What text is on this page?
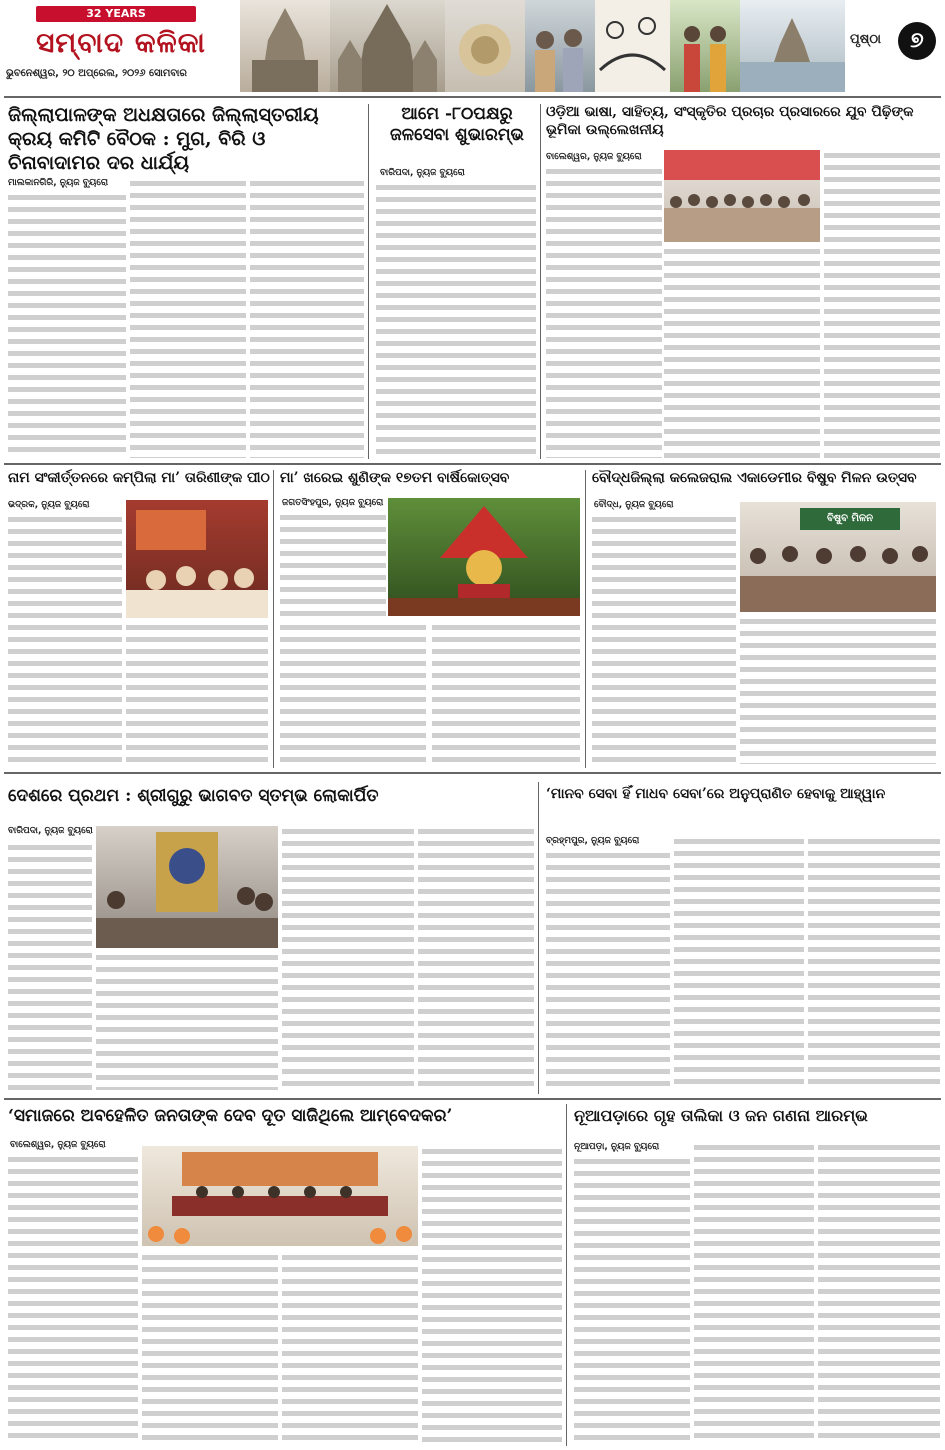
32 YEARS
ସମ୍ବାଦ କଳିକା
ଭୁବନେଶ୍ୱର, ୨୦ ଅପ୍ରେଲ, ୨୦୨୬ ସୋମବାର
ପୃଷ୍ଠା	୭
ଜିଲ୍ଲାପାଳଙ୍କ ଅଧକ୍ଷତାରେ ଜିଲ୍ଲାସ୍ତରୀୟ କ୍ରୟ କମିଟି ବୈଠକ : ମୁଗ, ବିରି ଓ ଚିନାବାଦାମର ଦର ଧାର୍ଯ୍ୟ
ମାଲକାନଗିରି, ନ୍ୟୁଜ ବ୍ୟୁରୋ
ଆମେ -୮୦ପକ୍ଷରୁ ଜଳସେବା ଶୁଭାରମ୍ଭ
ବାରିପଦା, ନ୍ୟୁଜ ବ୍ୟୁରୋ
ଓଡ଼ିଆ ଭାଷା, ସାହିତ୍ୟ, ସଂସ୍କୃତିର ପ୍ରଚାର ପ୍ରସାରରେ ଯୁବ ପିଢ଼ିଙ୍କ ଭୂମିକା ଉଲ୍ଲେଖନୀୟ
ବାଲେଶ୍ୱର, ନ୍ୟୁଜ ବ୍ୟୁରୋ
ନାମ ସଂକୀର୍ତ୍ତନରେ କମ୍ପିଲା ମା’ ତାରିଣୀଙ୍କ ପୀଠ
ଭଦ୍ରକ, ନ୍ୟୁଜ ବ୍ୟୁରୋ
ମା’ ଖରେଇ ଶୁଣିଙ୍କ ୧୭ତମ ବାର୍ଷିକୋତ୍ସବ
ଜଗତସିଂହପୁର, ନ୍ୟୁଜ ବ୍ୟୁରୋ
ବୌଦ୍ଧଜିଲ୍ଲା କଲେଜରାଲ ଏକାଡେମୀର ବିଷୁବ ମିଳନ ଉତ୍ସବ
ବୌଦ୍ଧ, ନ୍ୟୁଜ ବ୍ୟୁରୋ
ବିଷୁବ ମିଳନ
ଦେଶରେ ପ୍ରଥମ : ଶ୍ରୀଗୁରୁ ଭାଗବତ ସ୍ତମ୍ଭ ଲୋକାର୍ପିତ
ବାରିପଦା, ନ୍ୟୁଜ ବ୍ୟୁରୋ
‘ମାନବ ସେବା ହିଁ ମାଧବ ସେବା’ରେ ଅନୁପ୍ରାଣିତ ହେବାକୁ ଆହ୍ୱାନ
ବ୍ରହ୍ମପୁର, ନ୍ୟୁଜ ବ୍ୟୁରୋ
‘ସମାଜରେ ଅବହେଳିତ ଜନତାଙ୍କ ଦେବ ଦୂତ ସାଜିଥିଲେ ଆମ୍ବେଦକର’
ବାଲେଶ୍ୱର, ନ୍ୟୁଜ ବ୍ୟୁରୋ
ନୂଆପଡ଼ାରେ ଗୃହ ତାଲିକା ଓ ଜନ ଗଣନା ଆରମ୍ଭ
ନୂଆପଡ଼ା, ନ୍ୟୁଜ ବ୍ୟୁରୋ
